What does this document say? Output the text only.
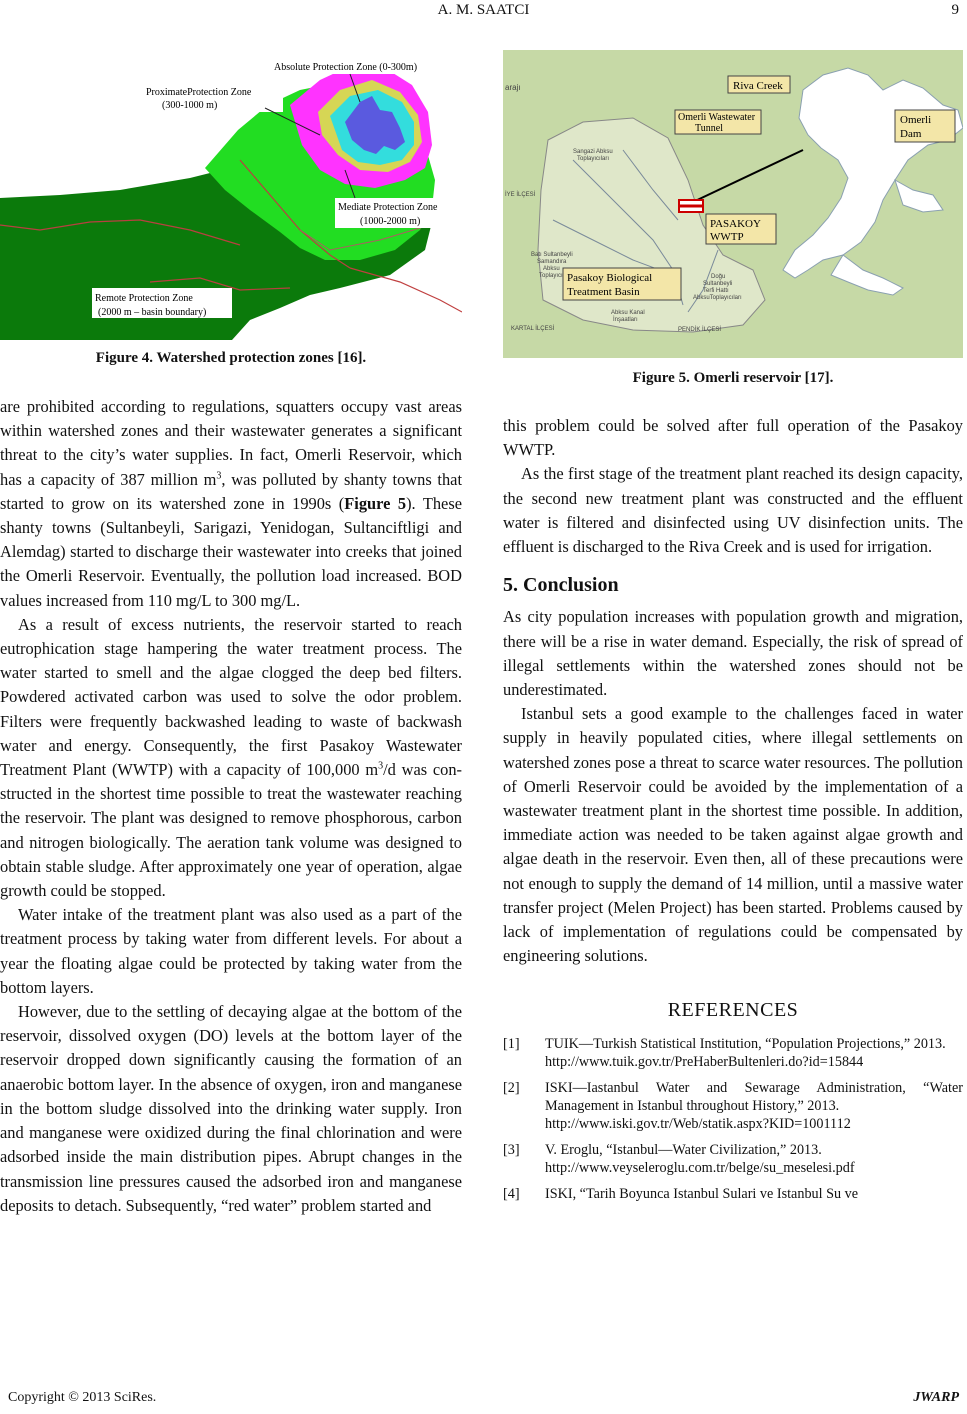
A. M. SAATCI	9
Absolute Protection Zone (0-300m)
ProximateProtection Zone
(300-1000 m)
Mediate Protection Zone
(1000-2000 m)
Remote Protection Zone
(2000 m – basin boundary)
Figure 4. Watershed protection zones [16].
Riva Creek
Omerli Wastewater
Tunnel
Omerli
Dam
PASAKOY
WWTP
Pasakoy Biological
Treatment Basin
arajı
İYE İLÇESİ
KARTAL İLÇESİ	PENDİK İLÇESİ
Sangazi Abksu
Toplayıcıları
Batı Sultanbeyli
Samandıra
Abksu
Toplayıcı	Doğu
Sultanbeyli
Terfi Hattı
AbksuToplayıcıları
Abksu Kanal
İnşaatları
Figure 5. Omerli reservoir [17].

are prohibited according to regulations, squatters occupy vast areas within watershed zones and their wastewater generates a significant threat to the city’s water supplies. In fact, Omerli Reservoir, which has a capacity of 387 million $m^3$, was polluted by shanty towns that started to grow on its watershed zone in 1990s (Figure 5). These shanty towns (Sultanbeyli, Sarigazi, Yenidogan, Sultanciftligi and Alemdag) started to discharge their wastewater into creeks that joined the Omerli Reservoir. Eventually, the pollution load increased. BOD values increased from 110 mg/L to 300 mg/L.

As a result of excess nutrients, the reservoir started to reach eutrophication stage hampering the water treatment process. The water started to smell and the algae clogged the deep bed filters. Powdered activated carbon was used to solve the odor problem. Filters were frequently backwashed leading to waste of backwash water and energy. Consequently, the first Pasakoy Wastewater Treatment Plant (WWTP) with a capacity of 100,000 $m^3/d$ was constructed in the shortest time possible to treat the wastewater reaching the reservoir. The plant was designed to remove phosphorous, carbon and nitrogen biologically. The aeration tank volume was designed to obtain stable sludge. After approximately one year of operation, algae growth could be stopped.

Water intake of the treatment plant was also used as a part of the treatment process by taking water from different levels. For about a year the floating algae could be protected by taking water from the bottom layers.

However, due to the settling of decaying algae at the bottom of the reservoir, dissolved oxygen (DO) levels at the bottom layer of the reservoir dropped down significantly causing the formation of an anaerobic bottom layer. In the absence of oxygen, iron and manganese in the bottom sludge dissolved into the drinking water supply. Iron and manganese were oxidized during the final chlorination and were adsorbed inside the main distribution pipes. Abrupt changes in the transmission line pressures caused the adsorbed iron and manganese deposits to detach. Subsequently, “red water” problem started and

this problem could be solved after full operation of the Pasakoy WWTP.

As the first stage of the treatment plant reached its design capacity, the second new treatment plant was constructed and the effluent water is filtered and disinfected using UV disinfection units. The effluent is discharged to the Riva Creek and is used for irrigation.

5. Conclusion

As city population increases with population growth and migration, there will be a rise in water demand. Especially, the risk of spread of illegal settlements within the watershed zones should not be underestimated.

Istanbul sets a good example to the challenges faced in water supply in heavily populated cities, where illegal settlements on watershed zones pose a threat to scarce water resources. The pollution of Omerli Reservoir could be avoided by the implementation of a wastewater treatment plant in the shortest time possible. In addition, immediate action was needed to be taken against algae growth and algae death in the reservoir. Even then, all of these precautions were not enough to supply the demand of 14 million, until a massive water transfer project (Melen Project) has been started. Problems caused by lack of implementation of regulations could be compensated by engineering solutions.

REFERENCES
[1] TUIK—Turkish Statistical Institution, “Population Projections,” 2013.
http://www.tuik.gov.tr/PreHaberBultenleri.do?id=15844
[2] ISKI—Iastanbul Water and Sewarage Administration, “Water Management in Istanbul throughout History,” 2013.
http://www.iski.gov.tr/Web/statik.aspx?KID=1001112
[3] V. Eroglu, “Istanbul—Water Civilization,” 2013.
http://www.veyseleroglu.com.tr/belge/su_meselesi.pdf
[4] ISKI, “Tarih Boyunca Istanbul Sulari ve Istanbul Su ve
Copyright © 2013 SciRes.	JWARP
